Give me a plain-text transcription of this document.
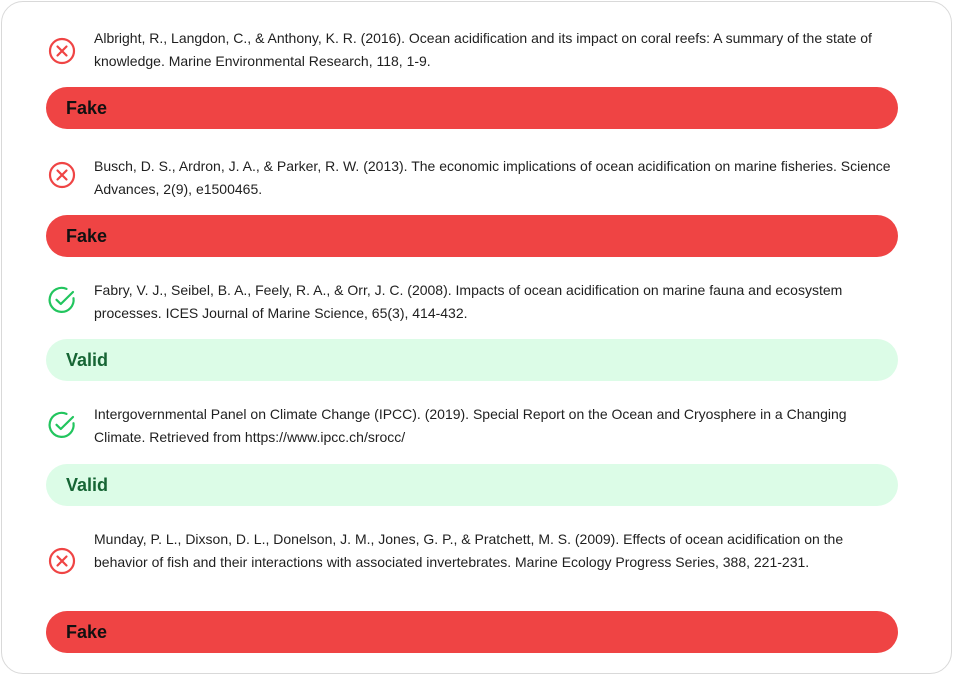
Albright, R., Langdon, C., & Anthony, K. R. (2016). Ocean acidification and its impact on coral reefs: A summary of the state of knowledge. Marine Environmental Research, 118, 1-9.
Fake
Busch, D. S., Ardron, J. A., & Parker, R. W. (2013). The economic implications of ocean acidification on marine fisheries. Science Advances, 2(9), e1500465.
Fake
Fabry, V. J., Seibel, B. A., Feely, R. A., & Orr, J. C. (2008). Impacts of ocean acidification on marine fauna and ecosystem processes. ICES Journal of Marine Science, 65(3), 414-432.
Valid
Intergovernmental Panel on Climate Change (IPCC). (2019). Special Report on the Ocean and Cryosphere in a Changing Climate. Retrieved from https://www.ipcc.ch/srocc/
Valid
Munday, P. L., Dixson, D. L., Donelson, J. M., Jones, G. P., & Pratchett, M. S. (2009). Effects of ocean acidification on the behavior of fish and their interactions with associated invertebrates. Marine Ecology Progress Series, 388, 221-231.
Fake
